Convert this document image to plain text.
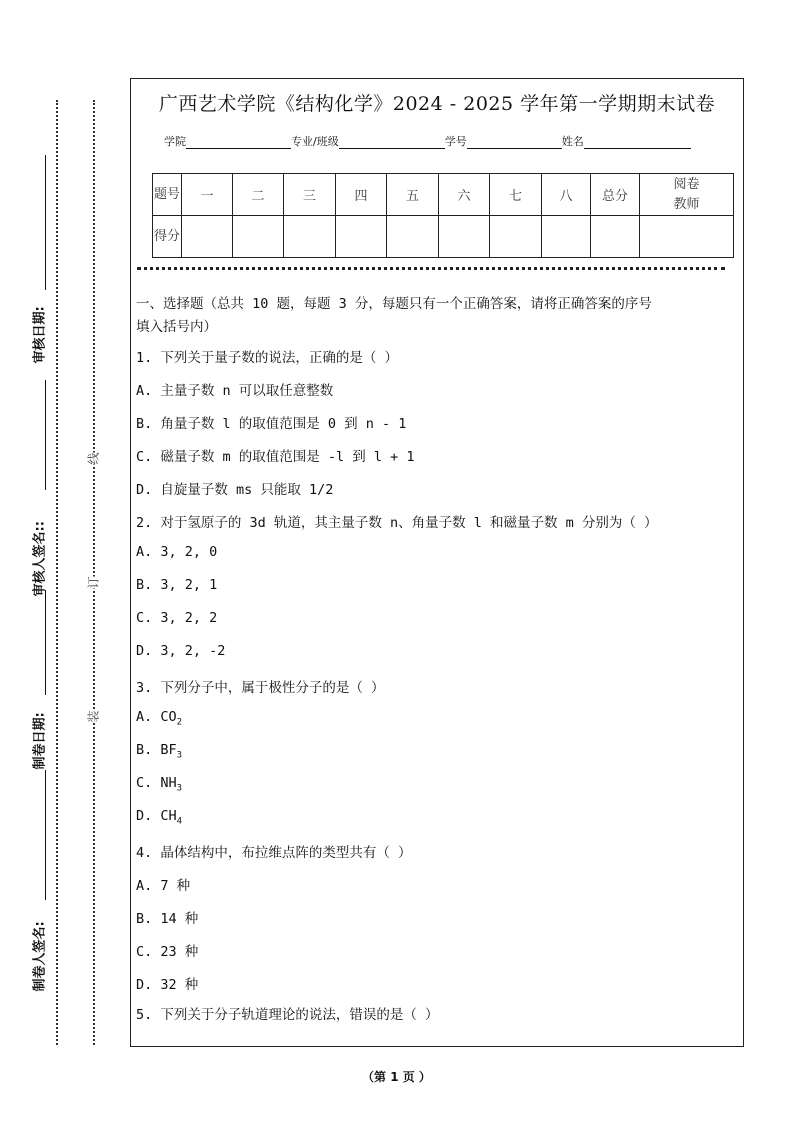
审核日期:
审核人签名::
制卷日期:
制卷人签名:
线
订
装
广西艺术学院《结构化学》2024 - 2025 学年第一学期期末试卷
学院	专业/班级	学号	姓名
题号	一	二	三	四	五	六	七	八	总分	阅卷教师
得分										
一、选择题（总共 10 题，每题 3 分，每题只有一个正确答案，请将正确答案的序号
填入括号内）
1. 下列关于量子数的说法，正确的是（ ）
A. 主量子数 n 可以取任意整数
B. 角量子数 l 的取值范围是 0 到 n - 1
C. 磁量子数 m 的取值范围是 -l 到 l + 1
D. 自旋量子数 ms 只能取 1/2
2. 对于氢原子的 3d 轨道，其主量子数 n、角量子数 l 和磁量子数 m 分别为（ ）
A. 3, 2, 0
B. 3, 2, 1
C. 3, 2, 2
D. 3, 2, -2
3. 下列分子中，属于极性分子的是（ ）
A. $CO_2$
B. $BF_3$
C. $NH_3$
D. $CH_4$
4. 晶体结构中，布拉维点阵的类型共有（ ）
A. 7 种
B. 14 种
C. 23 种
D. 32 种
5. 下列关于分子轨道理论的说法，错误的是（ ）
（第 1 页 ）
